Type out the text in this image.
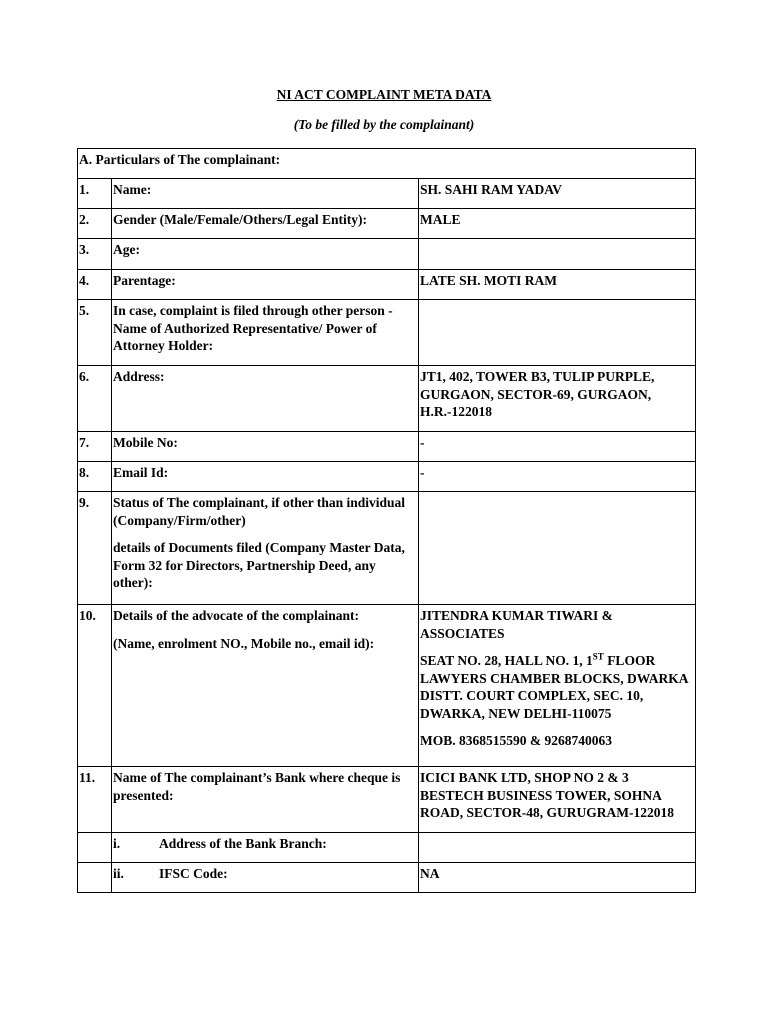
NI ACT COMPLAINT META DATA
(To be filled by the complainant)
A. Particulars of The complainant:		
1.	Name:	SH. SAHI RAM YADAV
2.	Gender (Male/Female/Others/Legal Entity):	MALE
3.	Age:	
4.	Parentage:	LATE SH. MOTI RAM
5.	In case, complaint is filed through other person - Name of Authorized Representative/ Power of Attorney Holder:	
6.	Address:	JT1, 402, TOWER B3, TULIP PURPLE, GURGAON, SECTOR-69, GURGAON, H.R.-122018
7.	Mobile No:	-
8.	Email Id:	-
9.	Status of The complainant, if other than individual (Company/Firm/other)
details of Documents filed (Company Master Data, Form 32 for Directors, Partnership Deed, any other):	

10.	Details of the advocate of the complainant:
(Name, enrolment NO., Mobile no., email id):	JITENDRA KUMAR TIWARI & ASSOCIATES
SEAT NO. 28, HALL NO. 1, 1ST FLOOR LAWYERS CHAMBER BLOCKS, DWARKA DISTT. COURT COMPLEX, SEC. 10, DWARKA, NEW DELHI-110075
MOB. 8368515590 & 9268740063

11.	Name of The complainant’s Bank where cheque is presented:	ICICI BANK LTD, SHOP NO 2 & 3 BESTECH BUSINESS TOWER, SOHNA ROAD, SECTOR-48, GURUGRAM-122018
	i. Address of the Bank Branch:	
	ii. IFSC Code:	NA
